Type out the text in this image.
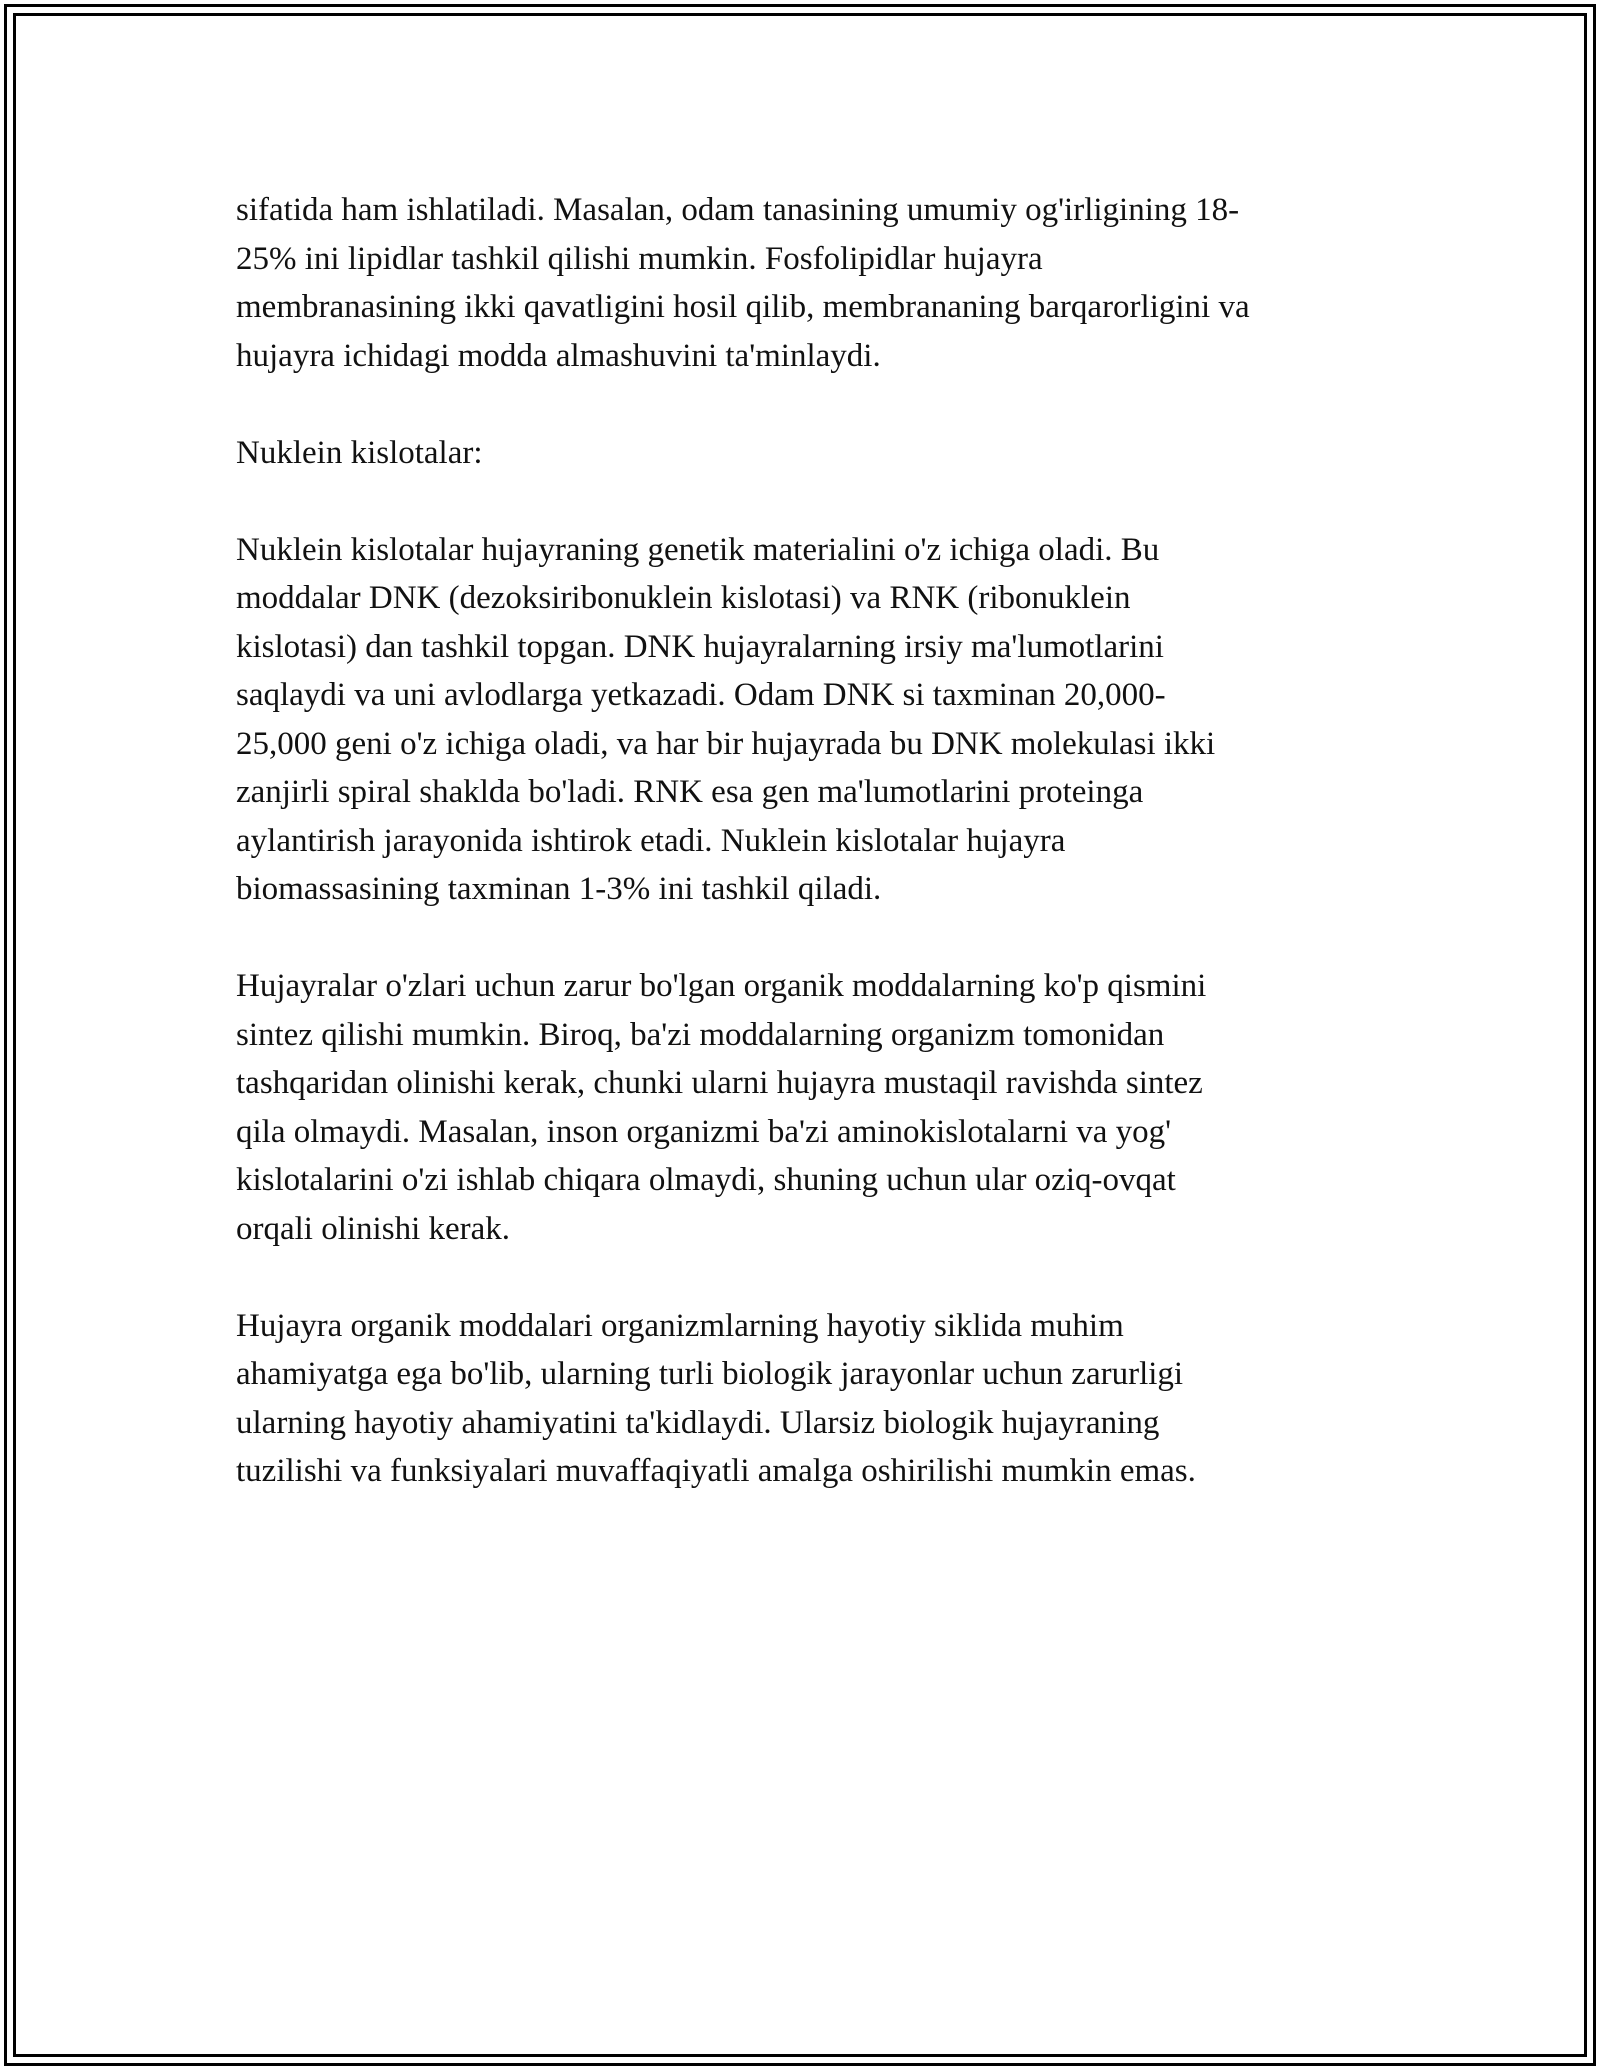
sifatida ham ishlatiladi. Masalan, odam tanasining umumiy og'irligining 18-
25% ini lipidlar tashkil qilishi mumkin. Fosfolipidlar hujayra
membranasining ikki qavatligini hosil qilib, membrananing barqarorligini va
hujayra ichidagi modda almashuvini ta'minlaydi.

Nuklein kislotalar:

Nuklein kislotalar hujayraning genetik materialini o'z ichiga oladi. Bu
moddalar DNK (dezoksiribonuklein kislotasi) va RNK (ribonuklein
kislotasi) dan tashkil topgan. DNK hujayralarning irsiy ma'lumotlarini
saqlaydi va uni avlodlarga yetkazadi. Odam DNK si taxminan 20,000-
25,000 geni o'z ichiga oladi, va har bir hujayrada bu DNK molekulasi ikki
zanjirli spiral shaklda bo'ladi. RNK esa gen ma'lumotlarini proteinga
aylantirish jarayonida ishtirok etadi. Nuklein kislotalar hujayra
biomassasining taxminan 1-3% ini tashkil qiladi.

Hujayralar o'zlari uchun zarur bo'lgan organik moddalarning ko'p qismini
sintez qilishi mumkin. Biroq, ba'zi moddalarning organizm tomonidan
tashqaridan olinishi kerak, chunki ularni hujayra mustaqil ravishda sintez
qila olmaydi. Masalan, inson organizmi ba'zi aminokislotalarni va yog'
kislotalarini o'zi ishlab chiqara olmaydi, shuning uchun ular oziq-ovqat
orqali olinishi kerak.

Hujayra organik moddalari organizmlarning hayotiy siklida muhim
ahamiyatga ega bo'lib, ularning turli biologik jarayonlar uchun zarurligi
ularning hayotiy ahamiyatini ta'kidlaydi. Ularsiz biologik hujayraning
tuzilishi va funksiyalari muvaffaqiyatli amalga oshirilishi mumkin emas.
